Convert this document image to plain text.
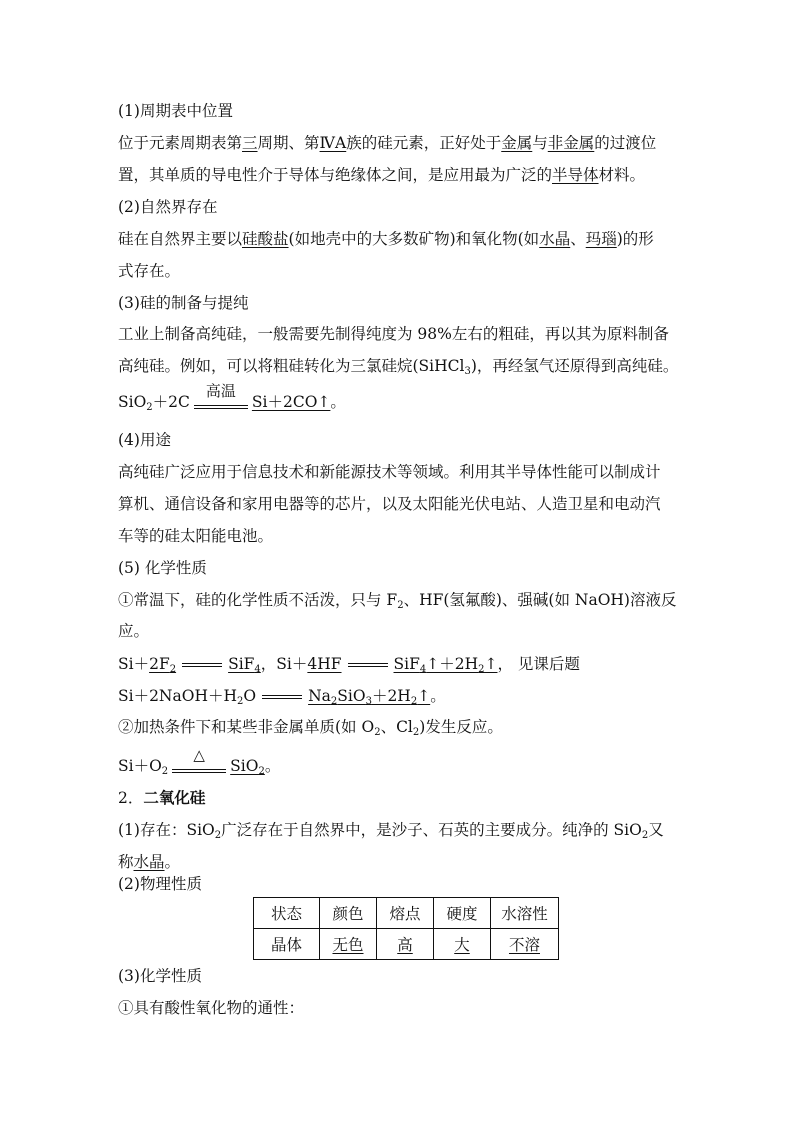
(1)周期表中位置
位于元素周期表第三周期、第ⅣA族的硅元素，正好处于金属与非金属的过渡位
置，其单质的导电性介于导体与绝缘体之间，是应用最为广泛的半导体材料。
(2)自然界存在
硅在自然界主要以硅酸盐(如地壳中的大多数矿物)和氧化物(如水晶、玛瑙)的形
式存在。
(3)硅的制备与提纯
工业上制备高纯硅，一般需要先制得纯度为 98%左右的粗硅，再以其为原料制备
高纯硅。例如，可以将粗硅转化为三氯硅烷(SiHCl$_3$)，再经氢气还原得到高纯硅。
SiO$_2$＋2C
高温
Si＋2CO↑。
(4)用途
高纯硅广泛应用于信息技术和新能源技术等领域。利用其半导体性能可以制成计
算机、通信设备和家用电器等的芯片，以及太阳能光伏电站、人造卫星和电动汽
车等的硅太阳能电池。
(5) 化学性质
①常温下，硅的化学性质不活泼，只与 $F_2$、HF(氢氟酸)、强碱(如 NaOH)溶液反
应。
$Si+2F_2$	SiF$_4$，Si＋4HF	$SiF_4↑+2H_2↑$， 见课后题
$Si+2NaOH+H_2O$	$Na_2SiO_3+2H_2↑$。
②加热条件下和某些非金属单质(如 $O_2$、$Cl_2$)发生反应。
$Si+O_2$
△
SiO$_2$。
2．二氧化硅
(1)存在：SiO$_2$广泛存在于自然界中，是沙子、石英的主要成分。纯净的 SiO$_2$又
称水晶。
(2)物理性质
状态	颜色	熔点	硬度	水溶性
晶体	无色	高	大	不溶
(3)化学性质
①具有酸性氧化物的通性：
